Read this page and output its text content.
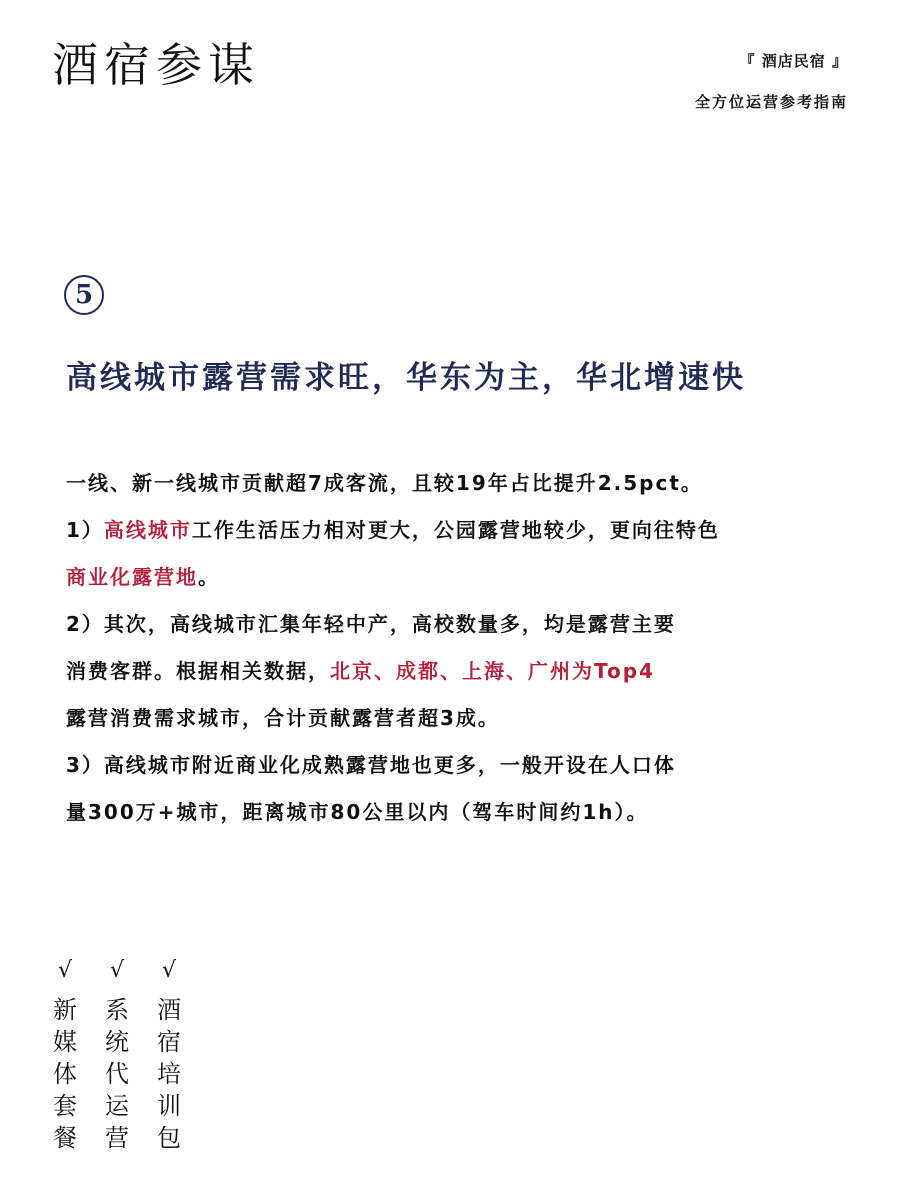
酒宿参谋	『 酒店民宿 』
全方位运营参考指南
5
高线城市露营需求旺，华东为主，华北增速快

一线、新一线城市贡献超7成客流，且较19年占比提升2.5pct。

1）高线城市工作生活压力相对更大，公园露营地较少，更向往特色

商业化露营地。

2）其次，高线城市汇集年轻中产，高校数量多，均是露营主要

消费客群。根据相关数据，北京、成都、上海、广州为Top4

露营消费需求城市，合计贡献露营者超3成。

3）高线城市附近商业化成熟露营地也更多，一般开设在人口体

量300万+城市，距离城市80公里以内（驾车时间约1h）。

√
新
媒
体
套
餐
√
系
统
代
运
营
√
酒
宿
培
训
包
